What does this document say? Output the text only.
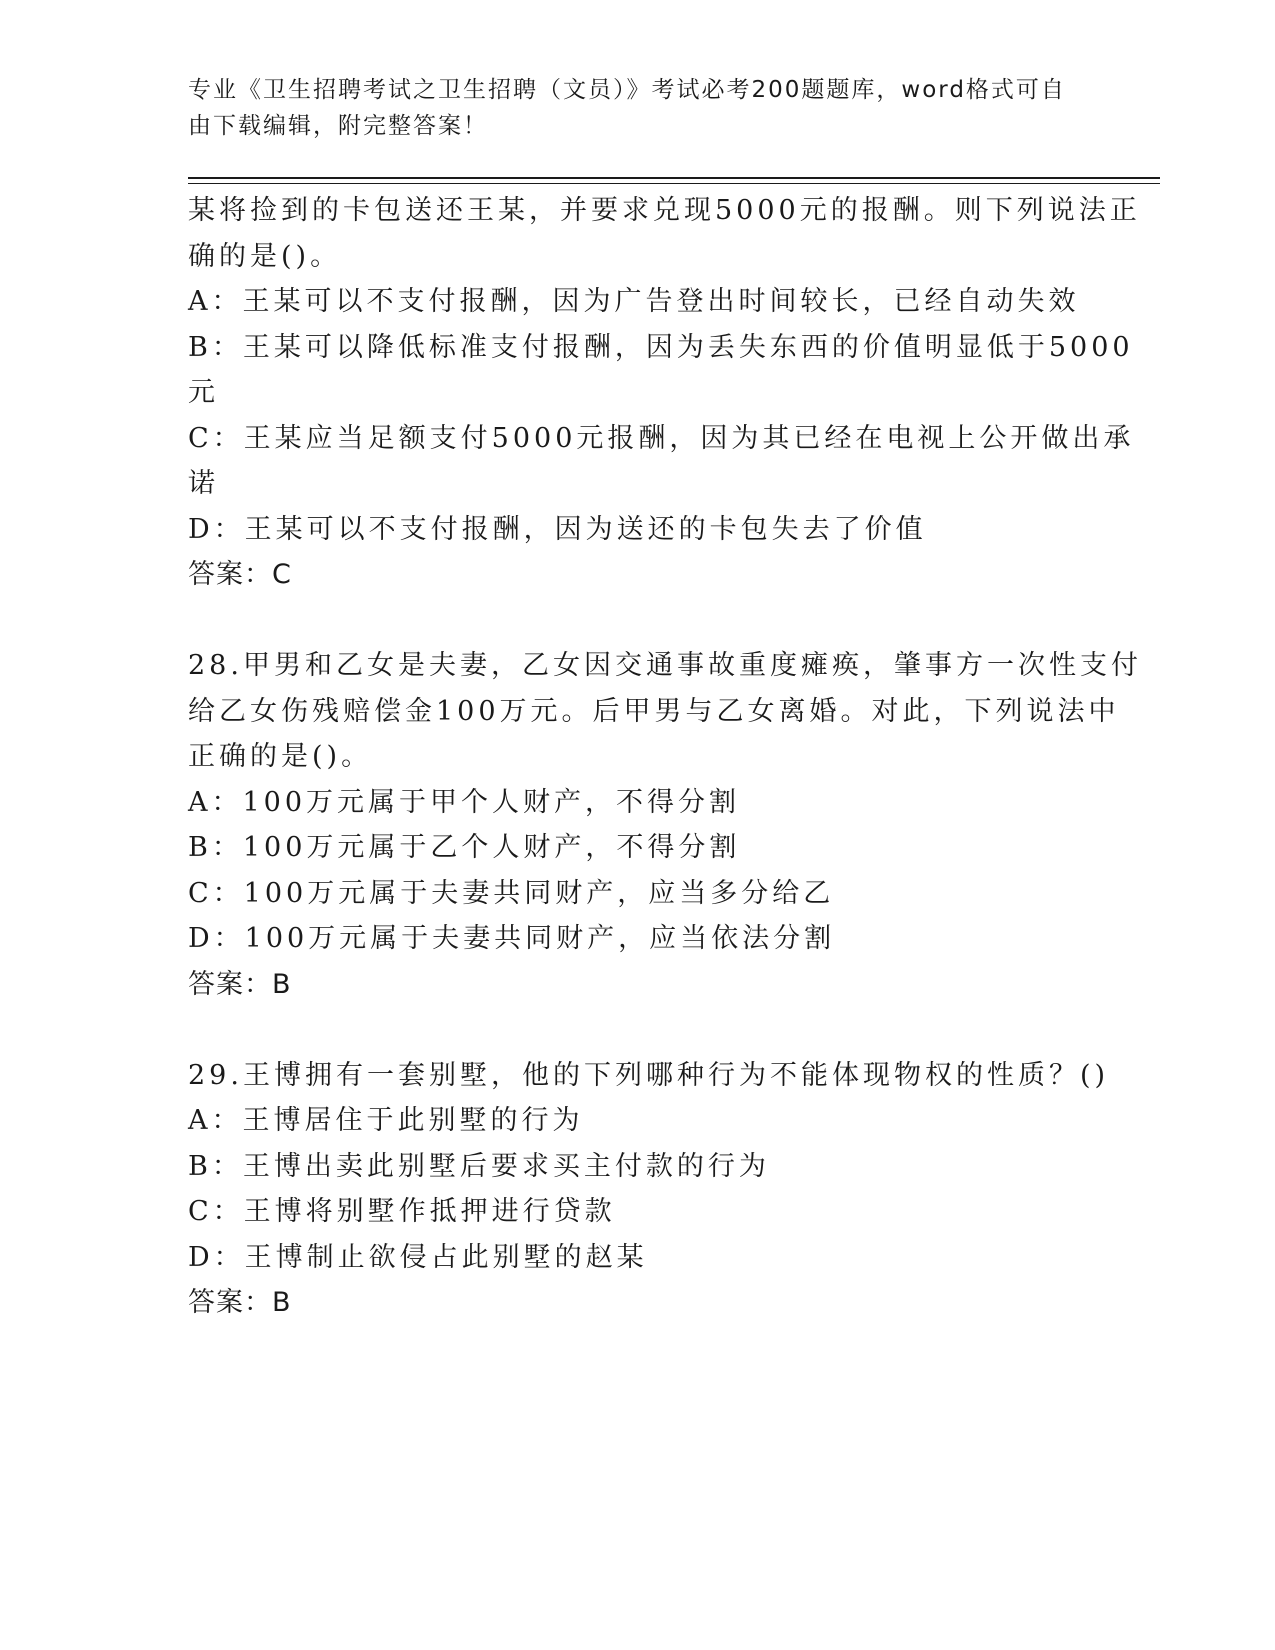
专业《卫生招聘考试之卫生招聘（文员）》考试必考200题题库，word格式可自
由下载编辑，附完整答案！
某将捡到的卡包送还王某，并要求兑现5000元的报酬。则下列说法正
确的是()。
A：王某可以不支付报酬，因为广告登出时间较长，已经自动失效
B：王某可以降低标准支付报酬，因为丢失东西的价值明显低于5000
元
C：王某应当足额支付5000元报酬，因为其已经在电视上公开做出承
诺
D：王某可以不支付报酬，因为送还的卡包失去了价值
答案：C
28.甲男和乙女是夫妻，乙女因交通事故重度瘫痪，肇事方一次性支付
给乙女伤残赔偿金100万元。后甲男与乙女离婚。对此，下列说法中
正确的是()。
A：100万元属于甲个人财产，不得分割
B：100万元属于乙个人财产，不得分割
C：100万元属于夫妻共同财产，应当多分给乙
D：100万元属于夫妻共同财产，应当依法分割
答案：B
29.王博拥有一套别墅，他的下列哪种行为不能体现物权的性质？()
A：王博居住于此别墅的行为
B：王博出卖此别墅后要求买主付款的行为
C：王博将别墅作抵押进行贷款
D：王博制止欲侵占此别墅的赵某
答案：B
